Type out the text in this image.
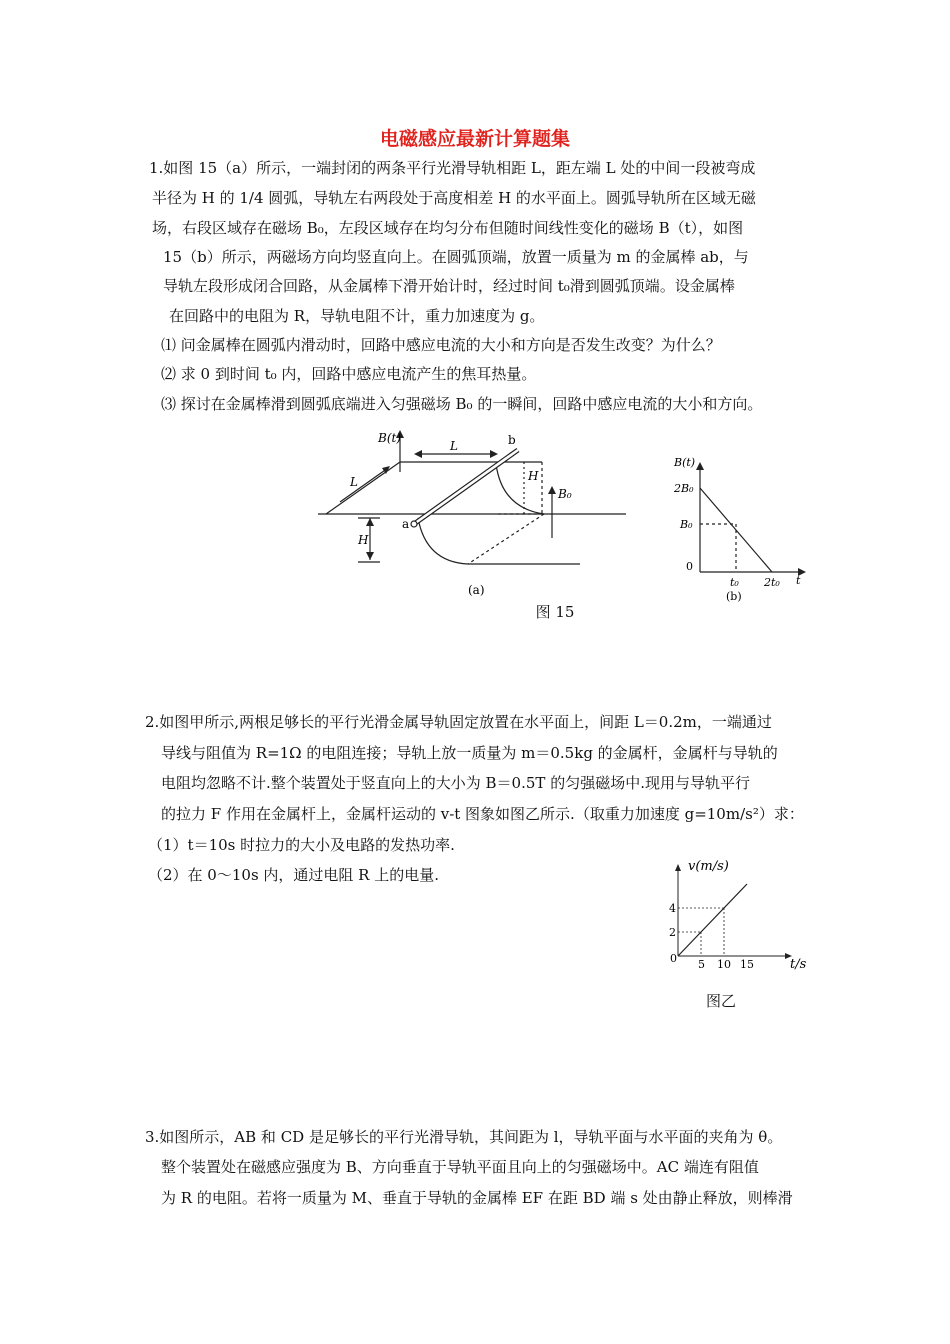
电磁感应最新计算题集
1.如图 15（a）所示，一端封闭的两条平行光滑导轨相距 L，距左端 L 处的中间一段被弯成
半径为 H 的 1/4 圆弧，导轨左右两段处于高度相差 H 的水平面上。圆弧导轨所在区域无磁
场，右段区域存在磁场 B₀，左段区域存在均匀分布但随时间线性变化的磁场 B（t），如图
15（b）所示，两磁场方向均竖直向上。在圆弧顶端，放置一质量为 m 的金属棒 ab，与
导轨左段形成闭合回路，从金属棒下滑开始计时，经过时间 t₀滑到圆弧顶端。设金属棒
在回路中的电阻为 R，导轨电阻不计，重力加速度为 g。
⑴ 问金属棒在圆弧内滑动时，回路中感应电流的大小和方向是否发生改变？为什么？
⑵ 求 0 到时间 t₀ 内，回路中感应电流产生的焦耳热量。
⑶ 探讨在金属棒滑到圆弧底端进入匀强磁场 B₀ 的一瞬间，回路中感应电流的大小和方向。
B(t)
L
L
b
a
H
H
B₀
(a)
B(t)
2B₀
B₀
0
t₀ 2t₀ t
(b)
图 15
2.如图甲所示,两根足够长的平行光滑金属导轨固定放置在水平面上，间距 L＝0.2m，一端通过
导线与阻值为 R=1Ω 的电阻连接；导轨上放一质量为 m＝0.5kg 的金属杆，金属杆与导轨的
电阻均忽略不计.整个装置处于竖直向上的大小为 B＝0.5T 的匀强磁场中.现用与导轨平行
的拉力 F 作用在金属杆上，金属杆运动的 v-t 图象如图乙所示.（取重力加速度 g=10m/s²）求：
（1）t＝10s 时拉力的大小及电路的发热功率.
（2）在 0～10s 内，通过电阻 R 上的电量.
5 10 15
2
4
v(m/s)
t/s
0
图乙
3.如图所示，AB 和 CD 是足够长的平行光滑导轨，其间距为 l，导轨平面与水平面的夹角为 θ。
整个装置处在磁感应强度为 B、方向垂直于导轨平面且向上的匀强磁场中。AC 端连有阻值
为 R 的电阻。若将一质量为 M、垂直于导轨的金属棒 EF 在距 BD 端 s 处由静止释放，则棒滑
